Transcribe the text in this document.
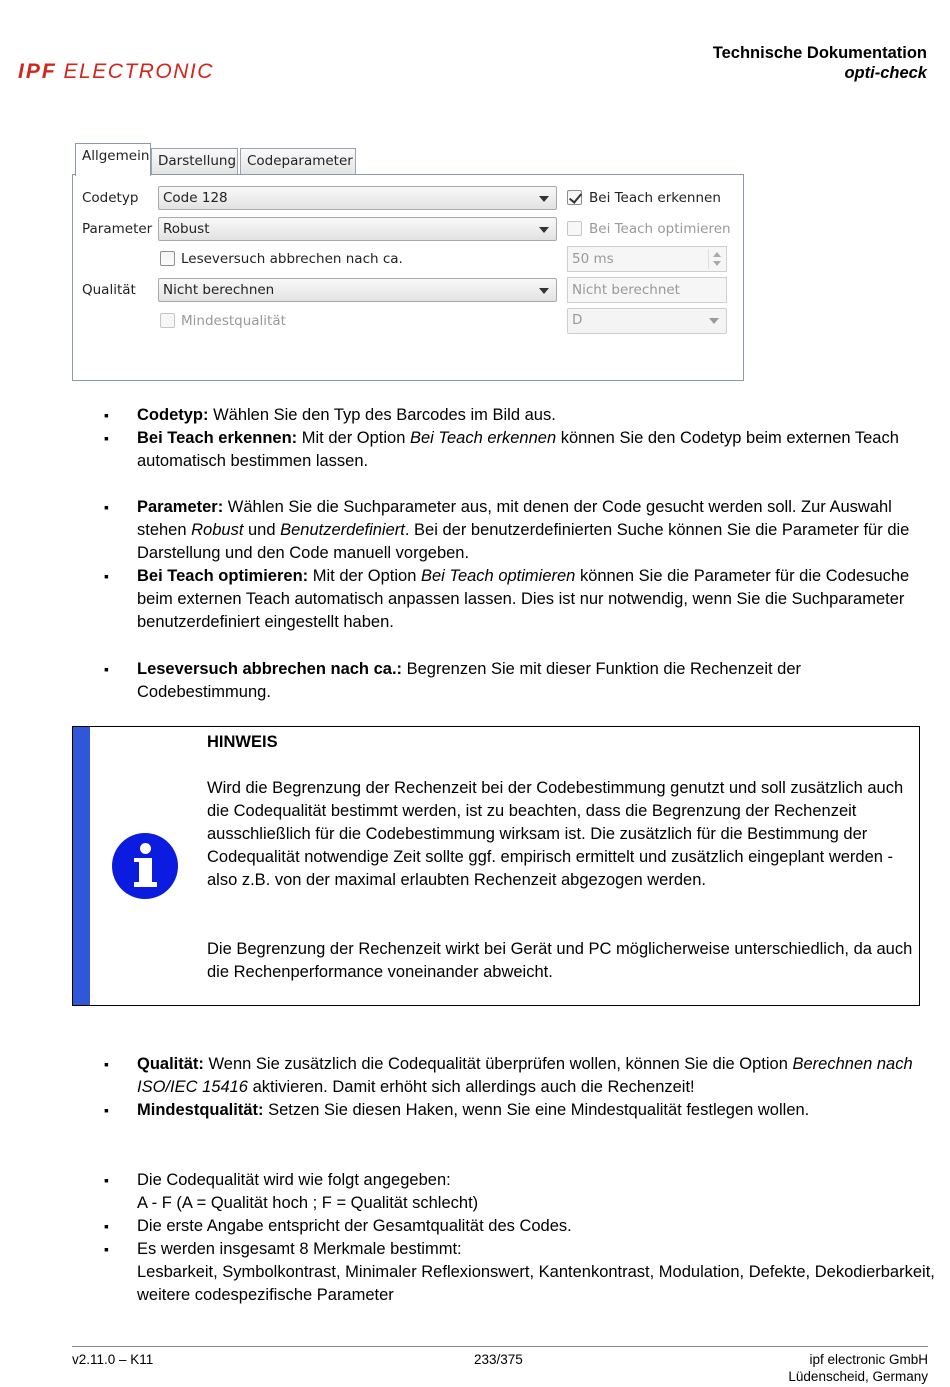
IPF ELECTRONIC
Technische Dokumentation
opti-check
Allgemein Darstellung Codeparameter
Codetyp
Parameter
Qualität
Code 128
Robust
Leseversuch abbrechen nach ca.
Nicht berechnen
Mindestqualität
Bei Teach erkennen
Bei Teach optimieren
50 ms
Nicht berechnet
D
▪ Codetyp: Wählen Sie den Typ des Barcodes im Bild aus.
▪ Bei Teach erkennen: Mit der Option Bei Teach erkennen können Sie den Codetyp beim externen Teach automatisch bestimmen lassen.
▪ Parameter: Wählen Sie die Suchparameter aus, mit denen der Code gesucht werden soll. Zur Auswahl stehen Robust und Benutzerdefiniert. Bei der benutzerdefinierten Suche können Sie die Parameter für die Darstellung und den Code manuell vorgeben.
▪ Bei Teach optimieren: Mit der Option Bei Teach optimieren können Sie die Parameter für die Codesuche beim externen Teach automatisch anpassen lassen. Dies ist nur notwendig, wenn Sie die Suchparameter benutzerdefiniert eingestellt haben.
▪ Leseversuch abbrechen nach ca.: Begrenzen Sie mit dieser Funktion die Rechenzeit der Codebestimmung.
HINWEIS
Wird die Begrenzung der Rechenzeit bei der Codebestimmung genutzt und soll zusätzlich auch die Codequalität bestimmt werden, ist zu beachten, dass die Begrenzung der Rechenzeit ausschließlich für die Codebestimmung wirksam ist. Die zusätzlich für die Bestimmung der Codequalität notwendige Zeit sollte ggf. empirisch ermittelt und zusätzlich eingeplant werden - also z.B. von der maximal erlaubten Rechenzeit abgezogen werden.
Die Begrenzung der Rechenzeit wirkt bei Gerät und PC möglicherweise unterschiedlich, da auch die Rechenperformance voneinander abweicht.
▪ Qualität: Wenn Sie zusätzlich die Codequalität überprüfen wollen, können Sie die Option Berechnen nach ISO/IEC 15416 aktivieren. Damit erhöht sich allerdings auch die Rechenzeit!
▪ Mindestqualität: Setzen Sie diesen Haken, wenn Sie eine Mindestqualität festlegen wollen.
▪ Die Codequalität wird wie folgt angegeben:
A - F (A = Qualität hoch ; F = Qualität schlecht)
▪ Die erste Angabe entspricht der Gesamtqualität des Codes.
▪ Es werden insgesamt 8 Merkmale bestimmt:
Lesbarkeit, Symbolkontrast, Minimaler Reflexionswert, Kantenkontrast, Modulation, Defekte, Dekodierbarkeit, weitere codespezifische Parameter
v2.11.0 – K11	233/375	ipf electronic GmbH
Lüdenscheid, Germany
